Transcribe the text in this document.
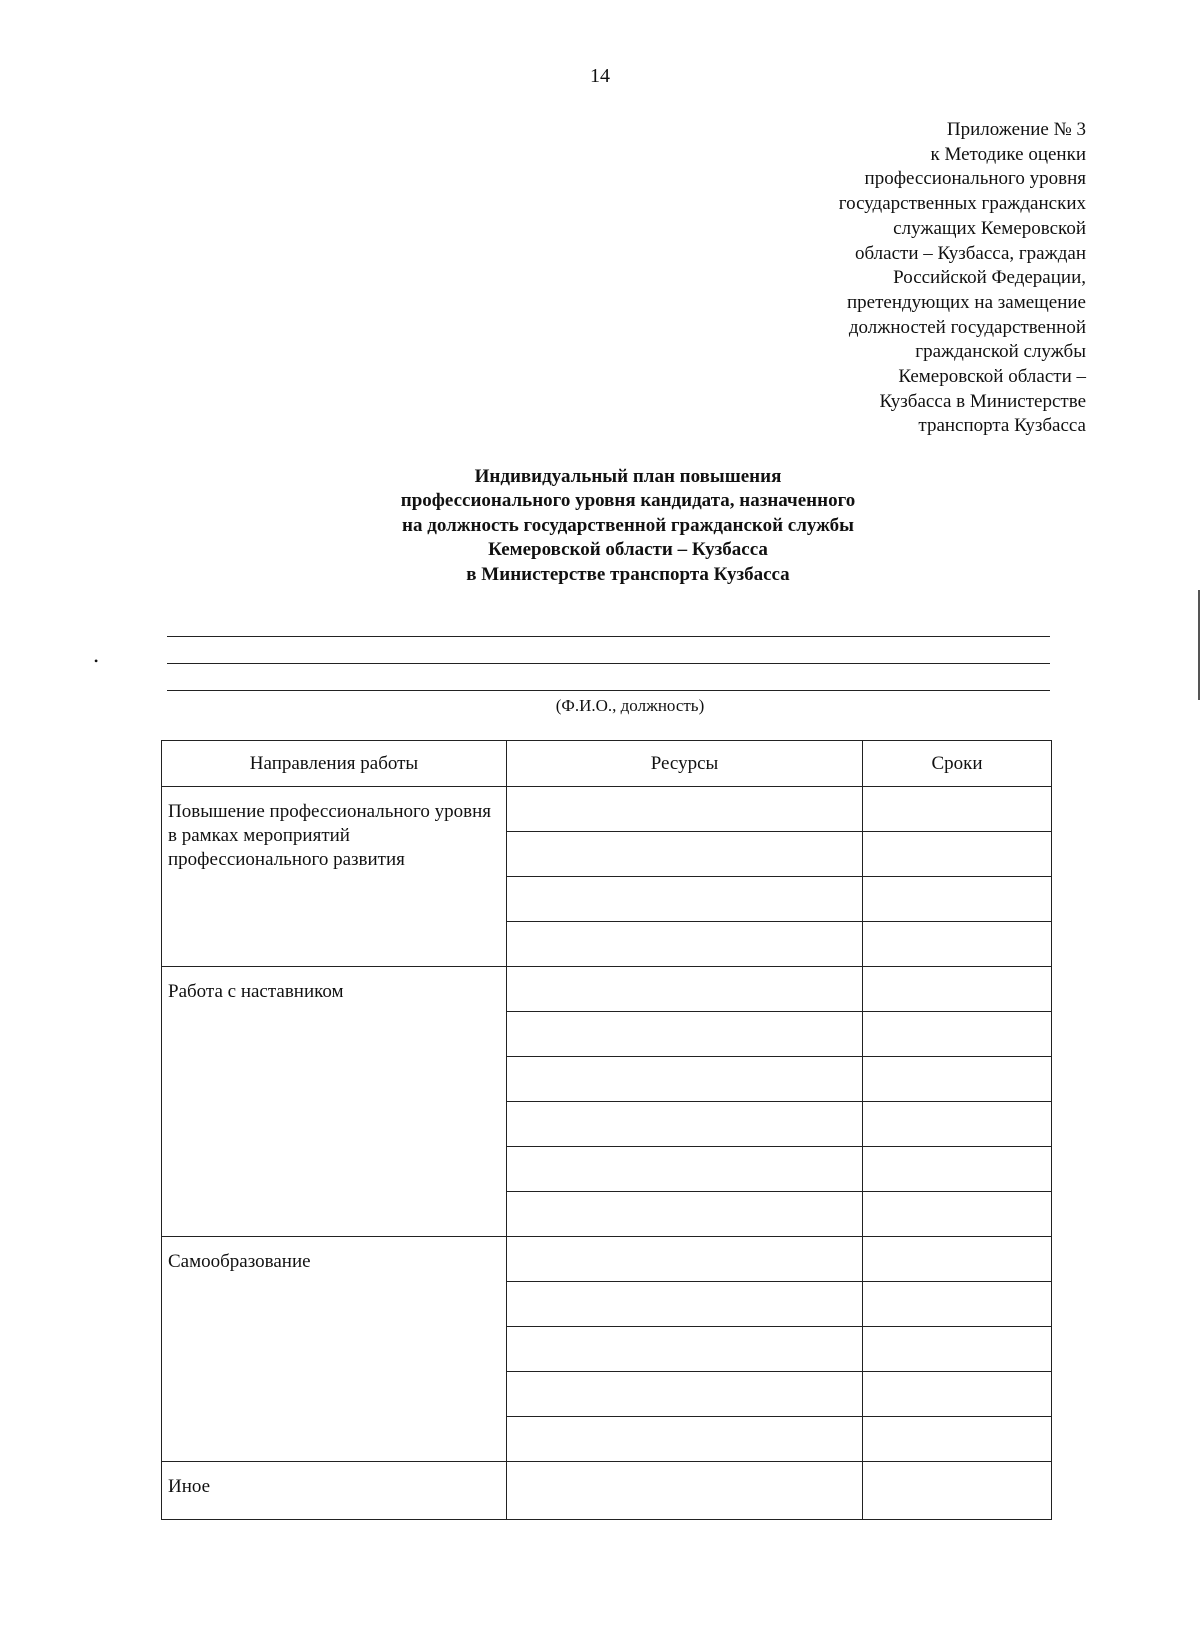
14
Приложение № 3
к Методике оценки
профессионального уровня
государственных гражданских
служащих Кемеровской
области – Кузбасса, граждан
Российской Федерации,
претендующих на замещение
должностей государственной
гражданской службы
Кемеровской области –
Кузбасса в Министерстве
транспорта Кузбасса
Индивидуальный план повышения
профессионального уровня кандидата, назначенного
на должность государственной гражданской службы
Кемеровской области – Кузбасса
в Министерстве транспорта Кузбасса
•
(Ф.И.О., должность)
Направления работы	Ресурсы	Сроки
Повышение профессионального уровня в рамках мероприятий профессионального развития		

Работа с наставником		

Самообразование		

Иное		
